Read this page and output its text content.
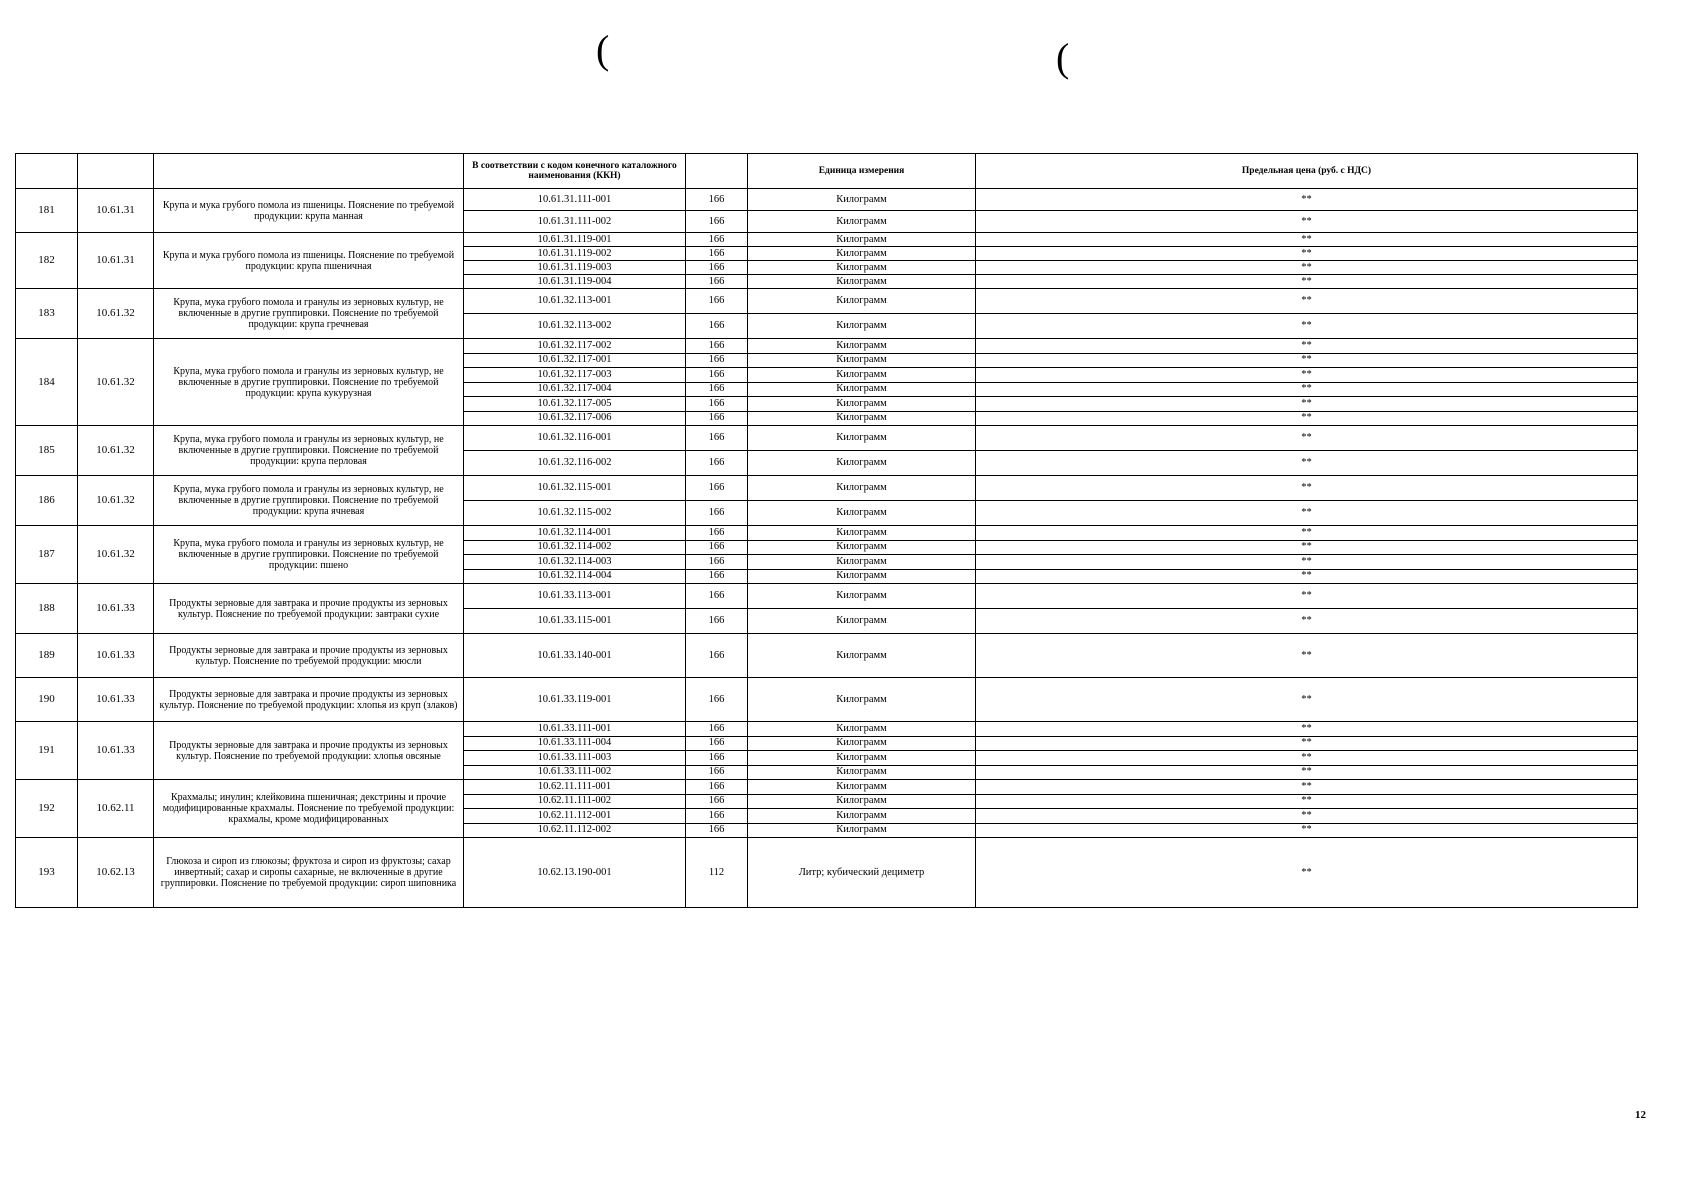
(	(
			В соответствии с кодом конечного каталожного наименования (ККН)		Единица измерения	Предельная цена (руб. с НДС)
181	10.61.31	Крупа и мука грубого помола из пшеницы. Пояснение по требуемой продукции: крупа манная	10.61.31.111-001	166	Килограмм	**
			10.61.31.111-002	166	Килограмм	**
182	10.61.31	Крупа и мука грубого помола из пшеницы. Пояснение по требуемой продукции: крупа пшеничная	10.61.31.119-001	166	Килограмм	**
			10.61.31.119-002	166	Килограмм	**
			10.61.31.119-003	166	Килограмм	**
			10.61.31.119-004	166	Килограмм	**
183	10.61.32	Крупа, мука грубого помола и гранулы из зерновых культур, не включенные в другие группировки. Пояснение по требуемой продукции: крупа гречневая	10.61.32.113-001	166	Килограмм	**
			10.61.32.113-002	166	Килограмм	**
184	10.61.32	Крупа, мука грубого помола и гранулы из зерновых культур, не включенные в другие группировки. Пояснение по требуемой продукции: крупа кукурузная	10.61.32.117-002	166	Килограмм	**
			10.61.32.117-001	166	Килограмм	**
			10.61.32.117-003	166	Килограмм	**
			10.61.32.117-004	166	Килограмм	**
			10.61.32.117-005	166	Килограмм	**
			10.61.32.117-006	166	Килограмм	**
185	10.61.32	Крупа, мука грубого помола и гранулы из зерновых культур, не включенные в другие группировки. Пояснение по требуемой продукции: крупа перловая	10.61.32.116-001	166	Килограмм	**
			10.61.32.116-002	166	Килограмм	**
186	10.61.32	Крупа, мука грубого помола и гранулы из зерновых культур, не включенные в другие группировки. Пояснение по требуемой продукции: крупа ячневая	10.61.32.115-001	166	Килограмм	**
			10.61.32.115-002	166	Килограмм	**
187	10.61.32	Крупа, мука грубого помола и гранулы из зерновых культур, не включенные в другие группировки. Пояснение по требуемой продукции: пшено	10.61.32.114-001	166	Килограмм	**
			10.61.32.114-002	166	Килограмм	**
			10.61.32.114-003	166	Килограмм	**
			10.61.32.114-004	166	Килограмм	**
188	10.61.33	Продукты зерновые для завтрака и прочие продукты из зерновых культур. Пояснение по требуемой продукции: завтраки сухие	10.61.33.113-001	166	Килограмм	**
			10.61.33.115-001	166	Килограмм	**
189	10.61.33	Продукты зерновые для завтрака и прочие продукты из зерновых культур. Пояснение по требуемой продукции: мюсли	10.61.33.140-001	166	Килограмм	**
190	10.61.33	Продукты зерновые для завтрака и прочие продукты из зерновых культур. Пояснение по требуемой продукции: хлопья из круп (злаков)	10.61.33.119-001	166	Килограмм	**
191	10.61.33	Продукты зерновые для завтрака и прочие продукты из зерновых культур. Пояснение по требуемой продукции: хлопья овсяные	10.61.33.111-001	166	Килограмм	**
			10.61.33.111-004	166	Килограмм	**
			10.61.33.111-003	166	Килограмм	**
			10.61.33.111-002	166	Килограмм	**
192	10.62.11	Крахмалы; инулин; клейковина пшеничная; декстрины и прочие модифицированные крахмалы. Пояснение по требуемой продукции: крахмалы, кроме модифицированных	10.62.11.111-001	166	Килограмм	**
			10.62.11.111-002	166	Килограмм	**
			10.62.11.112-001	166	Килограмм	**
			10.62.11.112-002	166	Килограмм	**
193	10.62.13	Глюкоза и сироп из глюкозы; фруктоза и сироп из фруктозы; сахар инвертный; сахар и сиропы сахарные, не включенные в другие группировки. Пояснение по требуемой продукции: сироп шиповника	10.62.13.190-001	112	Литр; кубический дециметр	**
12
